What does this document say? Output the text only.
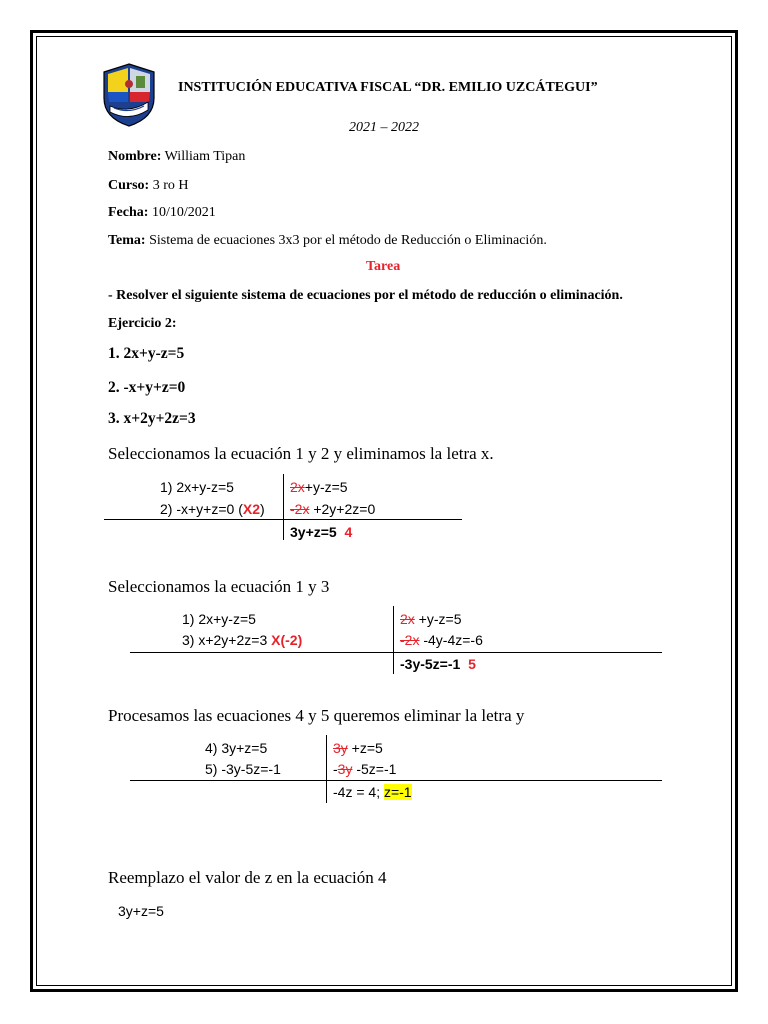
INSTITUCIÓN EDUCATIVA FISCAL “DR. EMILIO UZCÁTEGUI”
2021 – 2022
Nombre: William Tipan
Curso: 3 ro H
Fecha: 10/10/2021
Tema: Sistema de ecuaciones 3x3 por el método de Reducción o Eliminación.
Tarea
- Resolver el siguiente sistema de ecuaciones por el método de reducción o eliminación.
Ejercicio 2:
1. 2x+y-z=5
2. -x+y+z=0
3. x+2y+2z=3
Seleccionamos la ecuación 1 y 2 y eliminamos la letra x.
1) 2x+y-z=5
2) -x+y+z=0 (X2)
2x+y-z=5
-2x +2y+2z=0
3y+z=5 4
Seleccionamos la ecuación 1 y 3
1) 2x+y-z=5
3) x+2y+2z=3 X(-2)
2x +y-z=5
-2x -4y-4z=-6
-3y-5z=-1 5
Procesamos las ecuaciones 4 y 5 queremos eliminar la letra y
4) 3y+z=5
5) -3y-5z=-1
3y +z=5
-3y -5z=-1
-4z = 4; z=-1
Reemplazo el valor de z en la ecuación 4
3y+z=5
